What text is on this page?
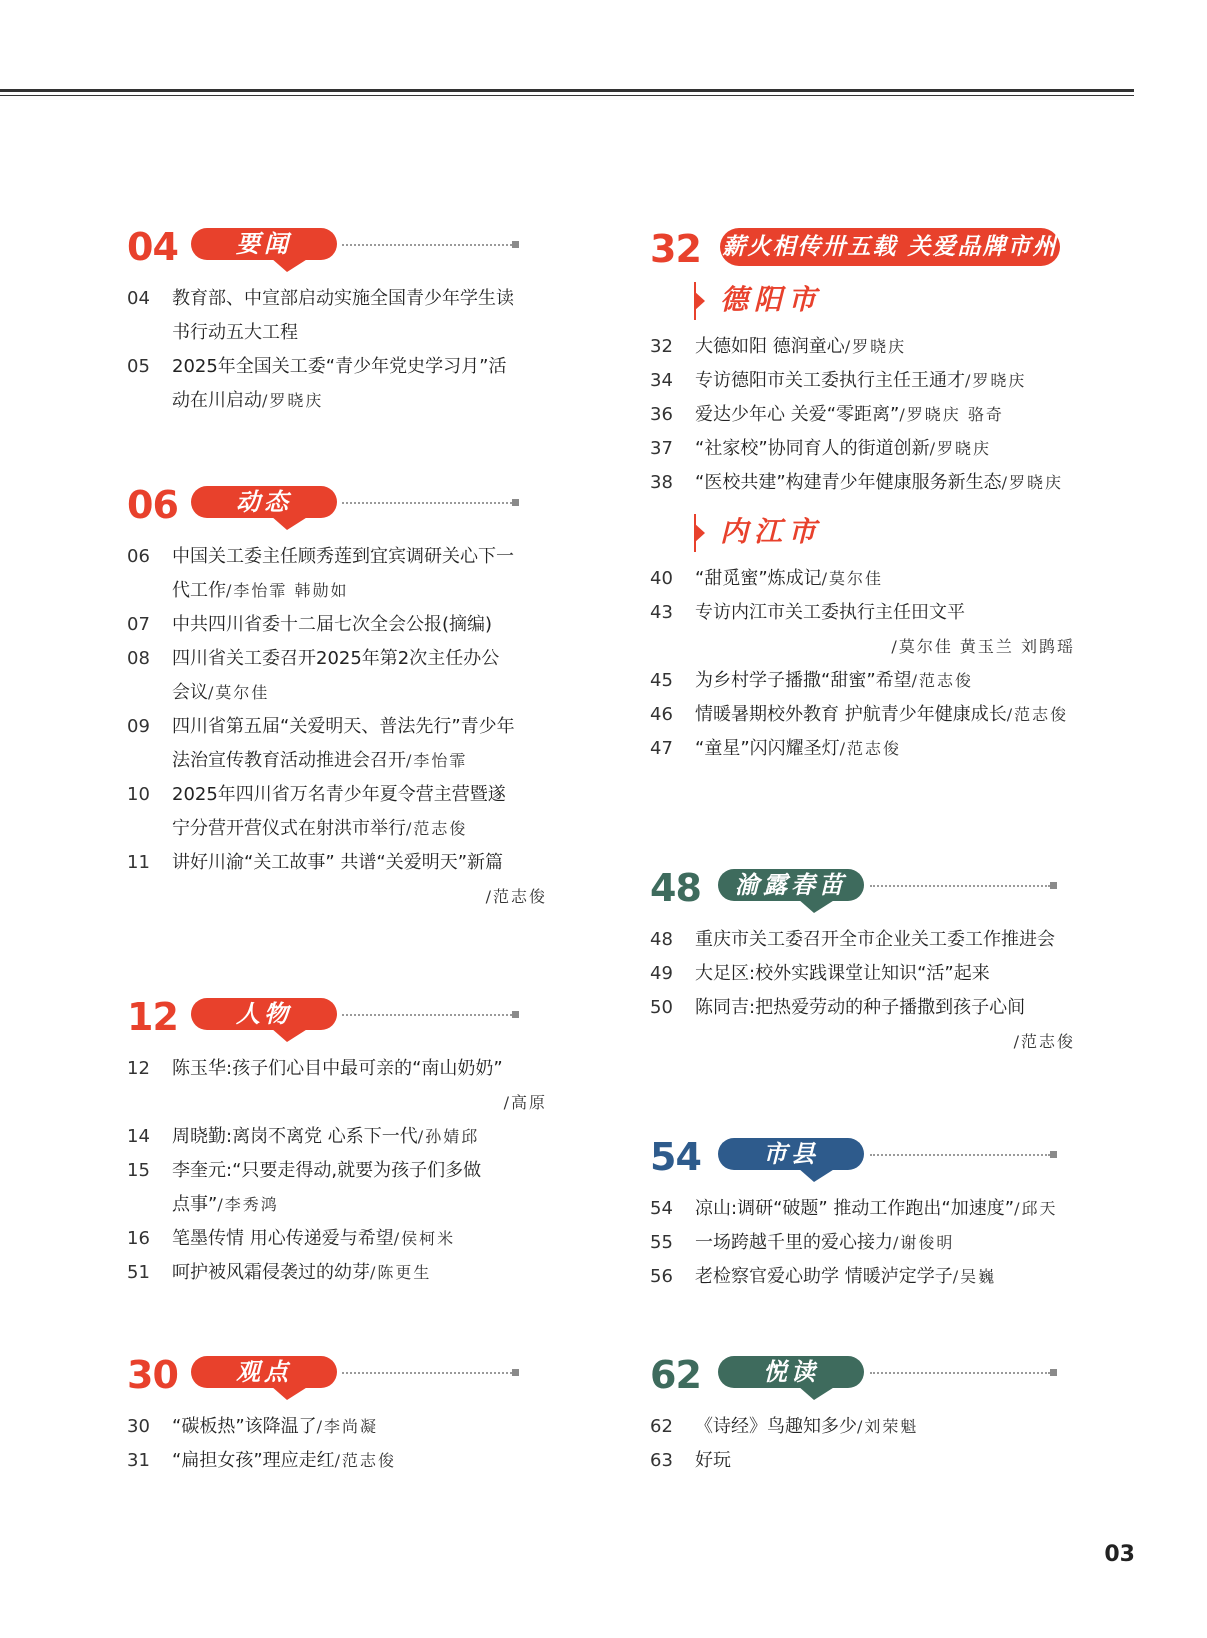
04	要闻
04	教育部、中宣部启动实施全国青少年学生读
书行动五大工程
05	2025年全国关工委“青少年党史学习月”活
动在川启动/罗晓庆
06	动态
06	中国关工委主任顾秀莲到宜宾调研关心下一
代工作/李怡霏 韩勋如
07	中共四川省委十二届七次全会公报(摘编)
08	四川省关工委召开2025年第2次主任办公
会议/莫尔佳
09	四川省第五届“关爱明天、普法先行”青少年
法治宣传教育活动推进会召开/李怡霏
10	2025年四川省万名青少年夏令营主营暨遂
宁分营开营仪式在射洪市举行/范志俊
11	讲好川渝“关工故事” 共谱“关爱明天”新篇
/范志俊
12	人物
12	陈玉华:孩子们心目中最可亲的“南山奶奶”
/高原
14	周晓勤:离岗不离党 心系下一代/孙婧邱
15	李奎元:“只要走得动,就要为孩子们多做
点事”/李秀鸿
16	笔墨传情 用心传递爱与希望/侯柯米
51	呵护被风霜侵袭过的幼芽/陈更生
30	观点
30	“碳板热”该降温了/李尚凝
31	“扁担女孩”理应走红/范志俊
32 薪火相传卅五载 关爱品牌市州行
德阳市
32	大德如阳 德润童心/罗晓庆
34	专访德阳市关工委执行主任王通才/罗晓庆
36	爱达少年心 关爱“零距离”/罗晓庆 骆奇
37	“社家校”协同育人的街道创新/罗晓庆
38	“医校共建”构建青少年健康服务新生态/罗晓庆
内江市
40	“甜觅蜜”炼成记/莫尔佳
43	专访内江市关工委执行主任田文平
/莫尔佳 黄玉兰 刘鹍瑶
45	为乡村学子播撒“甜蜜”希望/范志俊
46	情暖暑期校外教育 护航青少年健康成长/范志俊
47	“童星”闪闪耀圣灯/范志俊
48	渝露春苗
48	重庆市关工委召开全市企业关工委工作推进会
49	大足区:校外实践课堂让知识“活”起来
50	陈同吉:把热爱劳动的种子播撒到孩子心间
/范志俊
54	市县
54	凉山:调研“破题” 推动工作跑出“加速度”/邱天
55	一场跨越千里的爱心接力/谢俊明
56	老检察官爱心助学 情暖泸定学子/吴巍
62	悦读
62	《诗经》鸟趣知多少/刘荣魁
63	好玩
03
